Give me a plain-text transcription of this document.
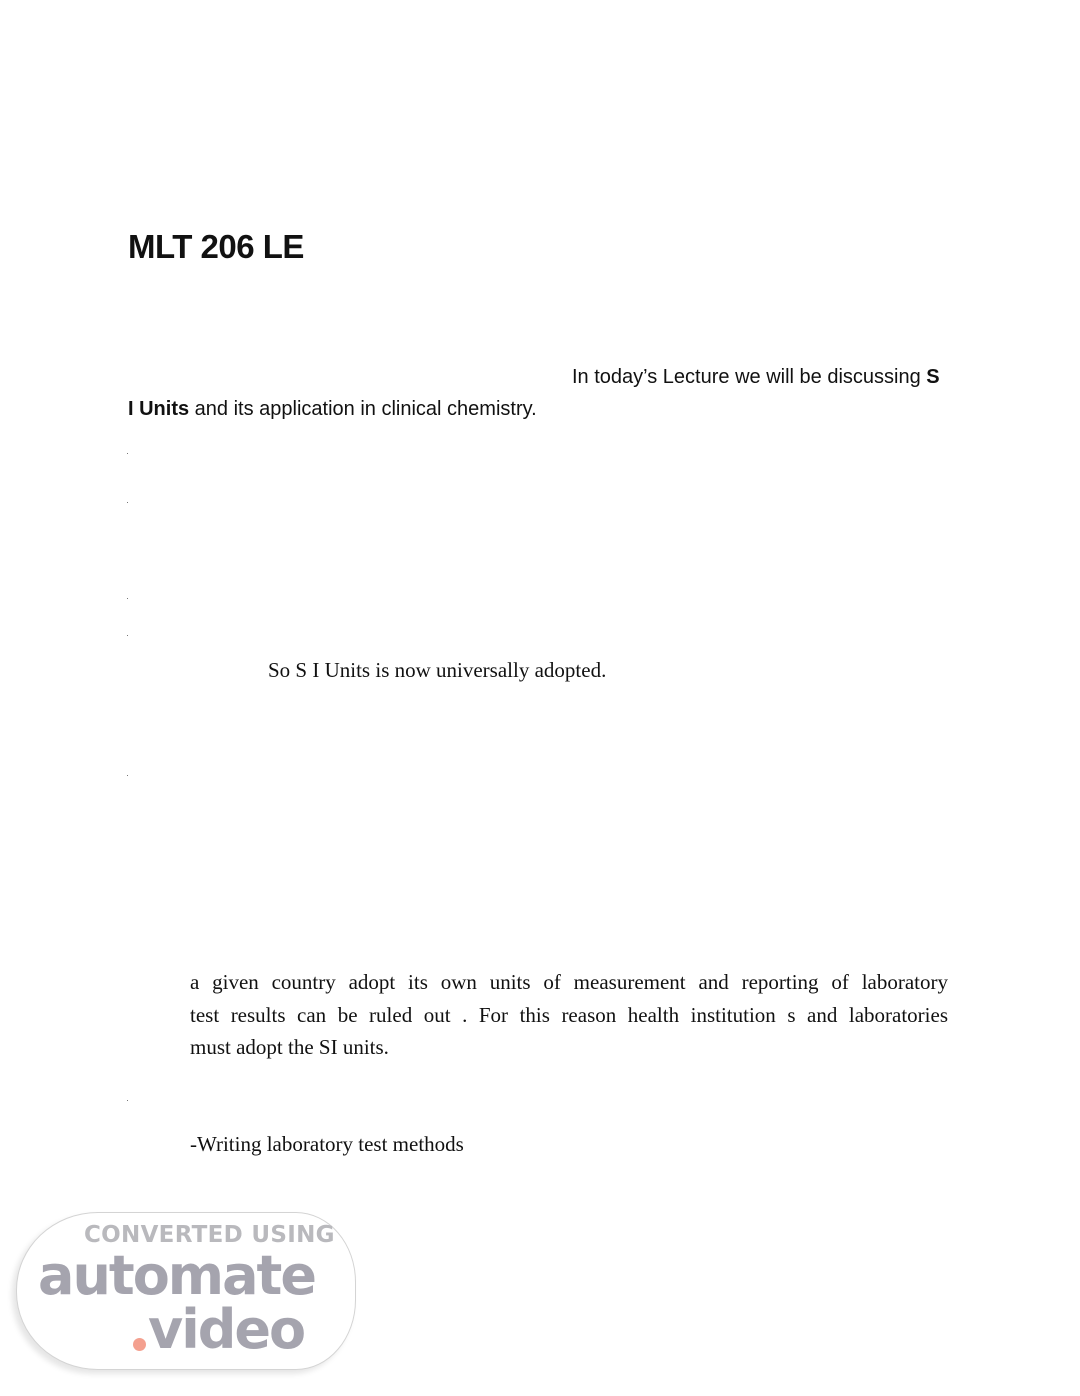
MLT 206 LE
In today’s Lecture we will be discussing S
I Units and its application in clinical chemistry.
So S I Units is now universally adopted.

a given country adopt its own units of measurement and reporting of laboratory
test results can be ruled out . For this reason health institution s and laboratories
must adopt the SI units.

-Writing laboratory test methods
CONVERTED USING
automate
video
